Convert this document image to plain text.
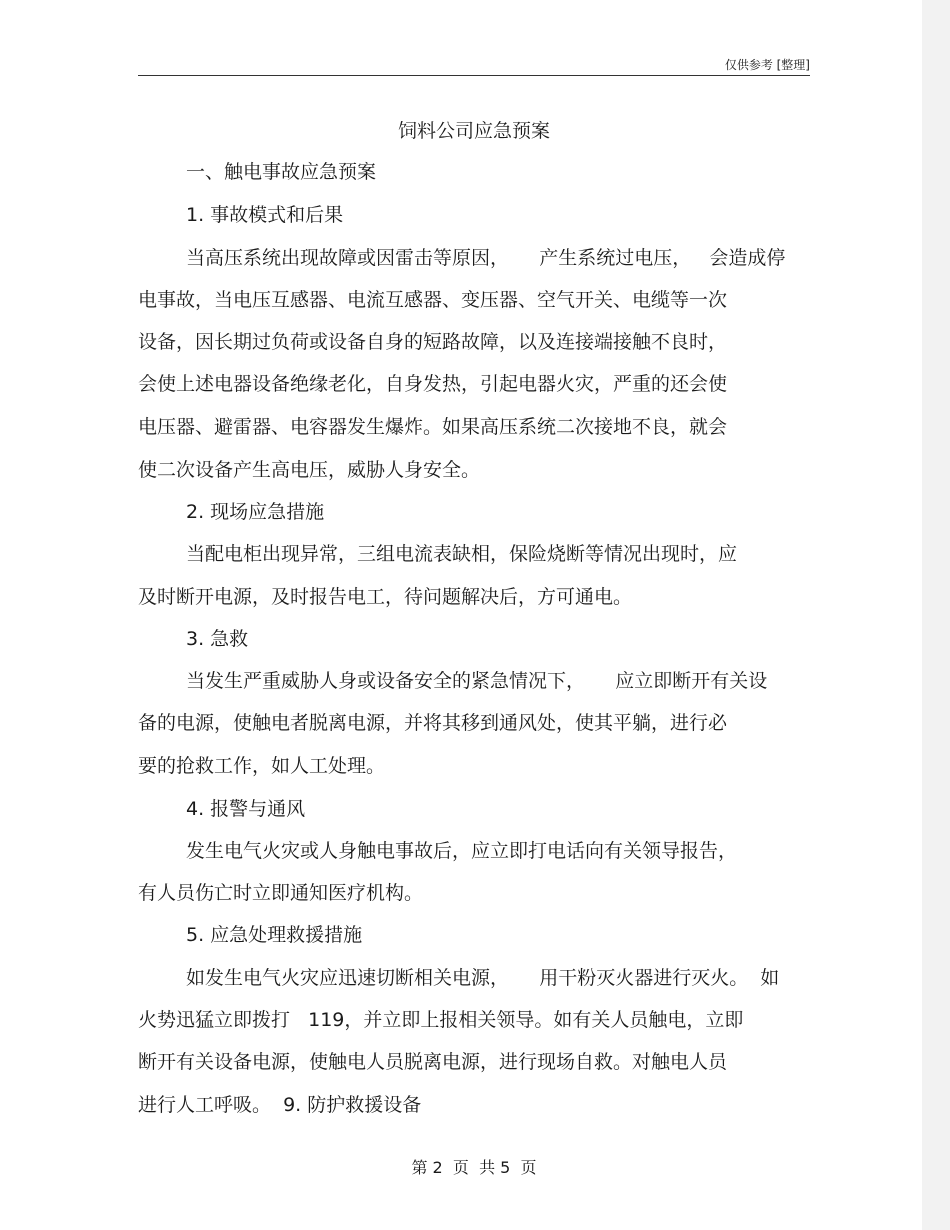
仅供参考 [整理]
饲料公司应急预案
一、触电事故应急预案
1. 事故模式和后果
当高压系统出现故障或因雷击等原因，     产生系统过电压，   会造成停
电事故，当电压互感器、电流互感器、变压器、空气开关、电缆等一次
设备，因长期过负荷或设备自身的短路故障，以及连接端接触不良时，
会使上述电器设备绝缘老化，自身发热，引起电器火灾，严重的还会使
电压器、避雷器、电容器发生爆炸。如果高压系统二次接地不良，就会
使二次设备产生高电压，威胁人身安全。
2. 现场应急措施
当配电柜出现异常，三组电流表缺相，保险烧断等情况出现时，应
及时断开电源，及时报告电工，待问题解决后，方可通电。
3. 急救
当发生严重威胁人身或设备安全的紧急情况下，     应立即断开有关设
备的电源，使触电者脱离电源，并将其移到通风处，使其平躺，进行必
要的抢救工作，如人工处理。
4. 报警与通风
发生电气火灾或人身触电事故后，应立即打电话向有关领导报告，
有人员伤亡时立即通知医疗机构。
5. 应急处理救援措施
如发生电气火灾应迅速切断相关电源，     用干粉灭火器进行灭火。  如
火势迅猛立即拨打   119，并立即上报相关领导。如有关人员触电，立即
断开有关设备电源，使触电人员脱离电源，进行现场自救。对触电人员
进行人工呼吸。  9. 防护救援设备
第 2  页  共 5  页
